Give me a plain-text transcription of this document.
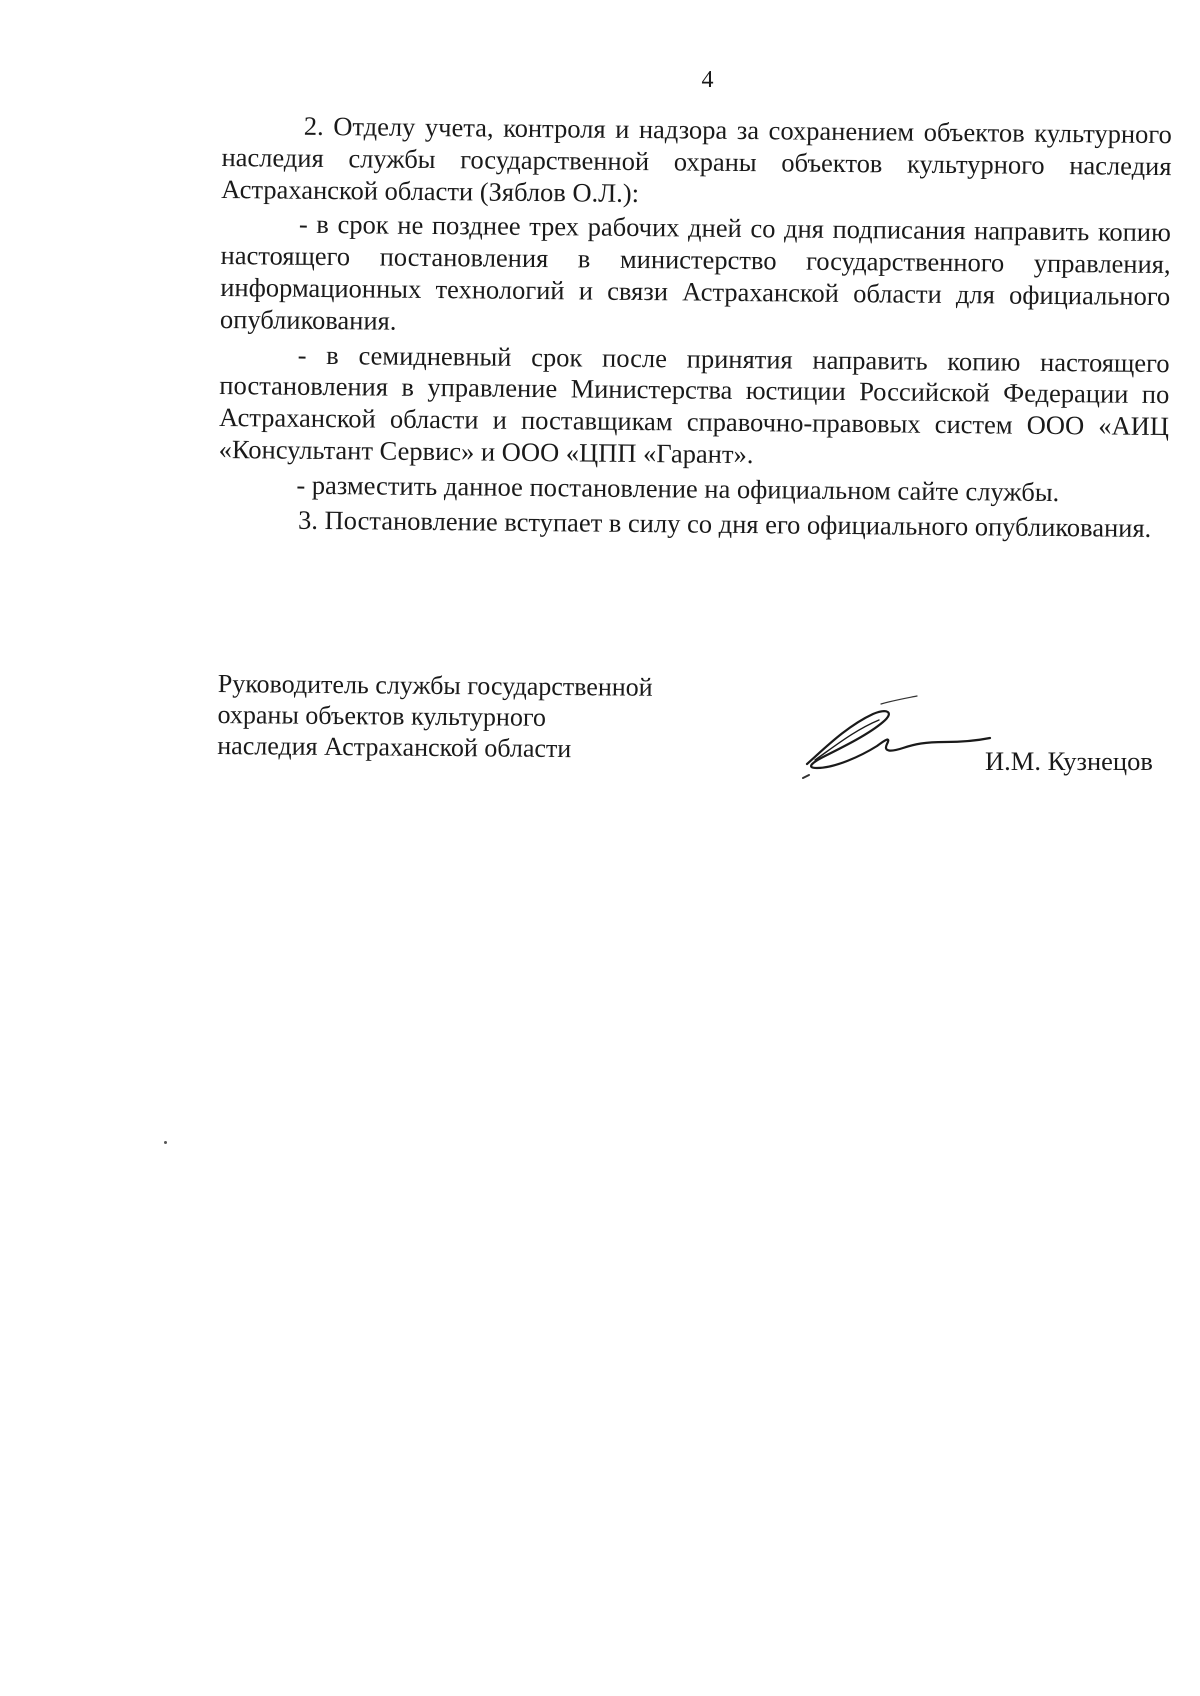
4

2. Отделу учета, контроля и надзора за сохранением объектов культурного наследия службы государственной охраны объектов культурного наследия Астраханской области (Зяблов О.Л.):

- в срок не позднее трех рабочих дней со дня подписания направить копию настоящего постановления в министерство государственного управления, информационных технологий и связи Астраханской области для официального опубликования.

- в семидневный срок после принятия направить копию настоящего постановления в управление Министерства юстиции Российской Федерации по Астраханской области и поставщикам справочно-правовых систем ООО «АИЦ «Консультант Сервис» и ООО «ЦПП «Гарант».

- разместить данное постановление на официальном сайте службы.

3. Постановление вступает в силу со дня его официального опубликования.

Руководитель службы государственной
охраны объектов культурного
наследия Астраханской области	И.М. Кузнецов
